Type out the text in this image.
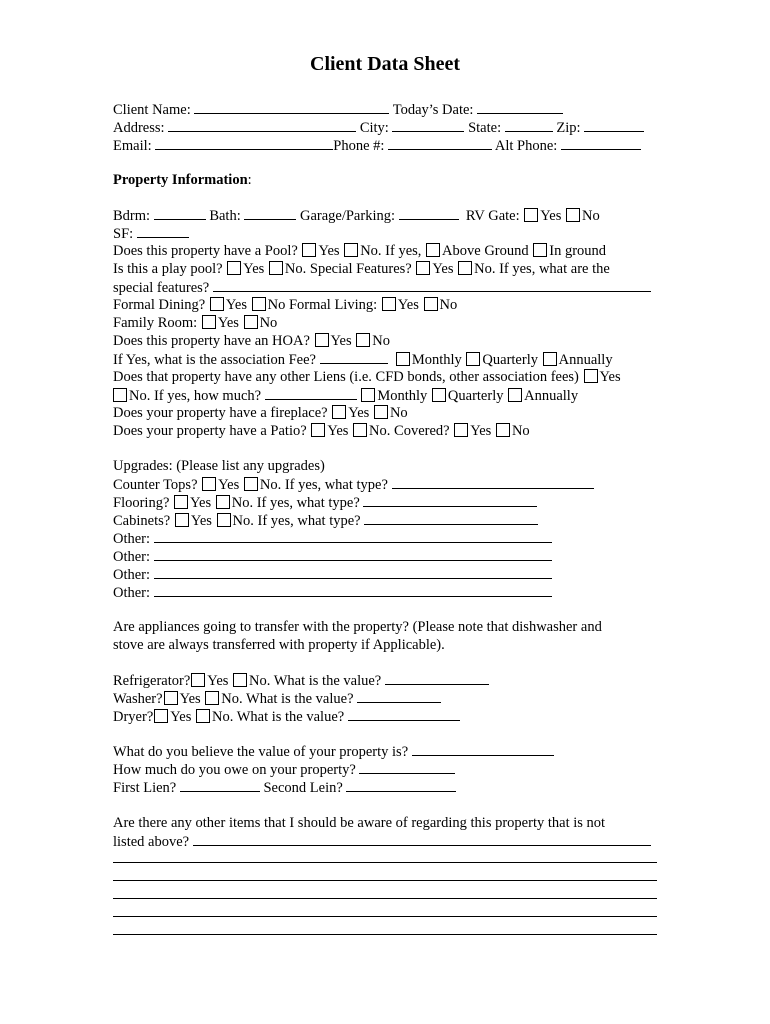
Client Data Sheet
Client Name:	Today’s Date:
Address:	City:	State:	Zip:
Email:	Phone #:	Alt Phone:
Property Information:
Bdrm:	Bath:	Garage/Parking:	RV Gate: Yes No
SF:
Does this property have a Pool? Yes No. If yes, Above Ground In ground
Is this a play pool? Yes No. Special Features? Yes No. If yes, what are the
special features?
Formal Dining? Yes No Formal Living: Yes No
Family Room: Yes No
Does this property have an HOA? Yes No
If Yes, what is the association Fee?	Monthly Quarterly Annually
Does that property have any other Liens (i.e. CFD bonds, other association fees) Yes
No. If yes, how much?	Monthly Quarterly Annually
Does your property have a fireplace? Yes No
Does your property have a Patio? Yes No. Covered? Yes No
Upgrades: (Please list any upgrades)
Counter Tops? Yes No. If yes, what type?
Flooring? Yes No. If yes, what type?
Cabinets? Yes No. If yes, what type?
Other:
Other:
Other:
Other:
Are appliances going to transfer with the property? (Please note that dishwasher and
stove are always transferred with property if Applicable).
Refrigerator? Yes No. What is the value?
Washer? Yes No. What is the value?
Dryer? Yes No. What is the value?
What do you believe the value of your property is?
How much do you owe on your property?
First Lien?	Second Lein?
Are there any other items that I should be aware of regarding this property that is not
listed above?
